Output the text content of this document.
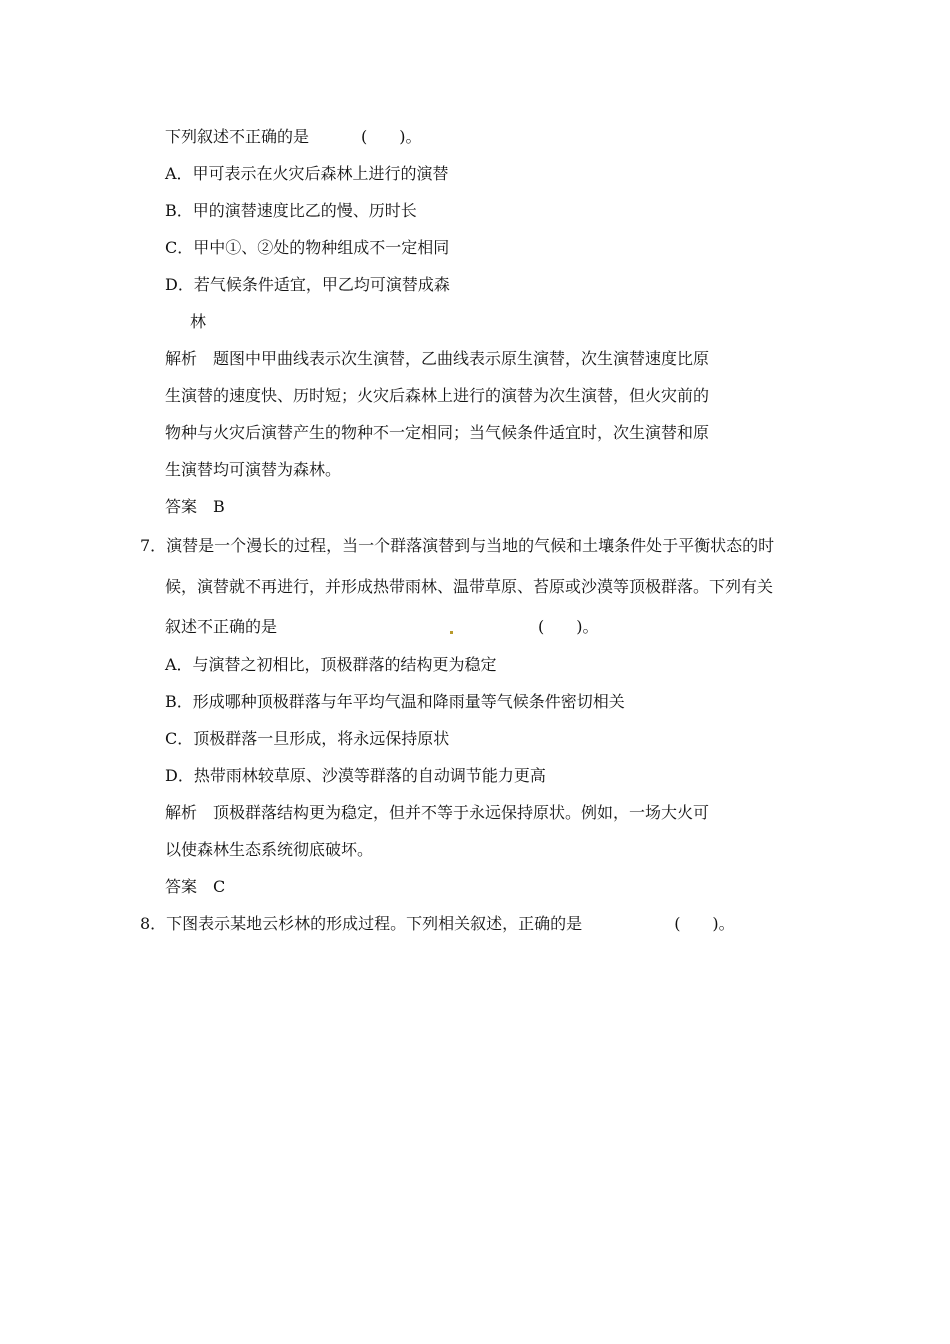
下列叙述不正确的是	(　　)。
A．甲可表示在火灾后森林上进行的演替
B．甲的演替速度比乙的慢、历时长
C．甲中①、②处的物种组成不一定相同
D．若气候条件适宜，甲乙均可演替成森
林
解析　题图中甲曲线表示次生演替，乙曲线表示原生演替，次生演替速度比原
生演替的速度快、历时短；火灾后森林上进行的演替为次生演替，但火灾前的
物种与火灾后演替产生的物种不一定相同；当气候条件适宜时，次生演替和原
生演替均可演替为森林。
答案　B
7．演替是一个漫长的过程，当一个群落演替到与当地的气候和土壤条件处于平衡状态的时
候，演替就不再进行，并形成热带雨林、温带草原、苔原或沙漠等顶极群落。下列有关
叙述不正确的是	(　　)。
A．与演替之初相比，顶极群落的结构更为稳定
B．形成哪种顶极群落与年平均气温和降雨量等气候条件密切相关
C．顶极群落一旦形成，将永远保持原状
D．热带雨林较草原、沙漠等群落的自动调节能力更高
解析　顶极群落结构更为稳定，但并不等于永远保持原状。例如，一场大火可
以使森林生态系统彻底破坏。
答案　C
8．下图表示某地云杉林的形成过程。下列相关叙述，正确的是	(　　)。
